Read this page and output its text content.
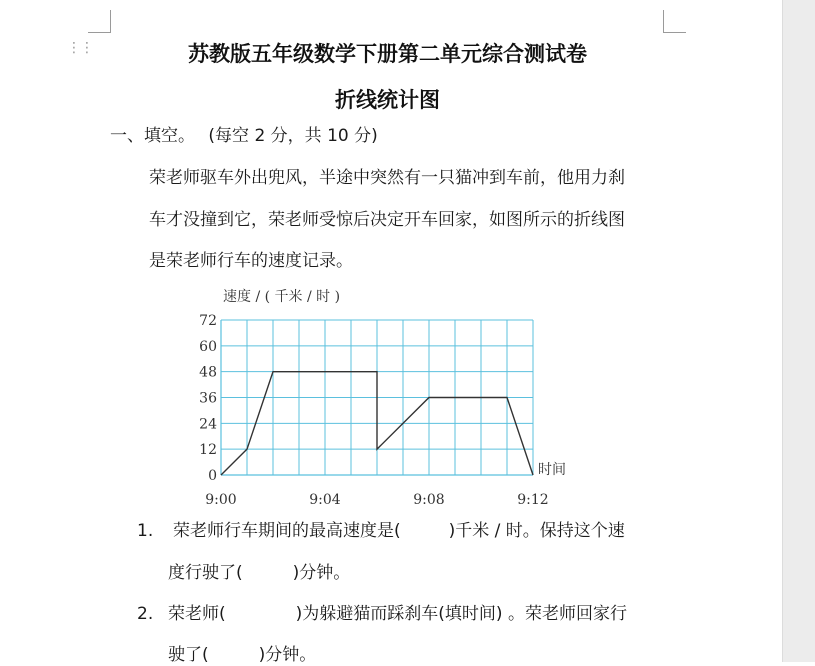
⋮⋮	苏教版五年级数学下册第二单元综合测试卷
折线统计图
一、填空。 (每空 2 分，共 10 分)
荣老师驱车外出兜风，半途中突然有一只猫冲到车前，他用力刹
车才没撞到它，荣老师受惊后决定开车回家，如图所示的折线图
是荣老师行车的速度记录。
0
12
24
36
48
60
72
9:00	9:04	9:08	9:12
速度 / ( 千米 / 时 )
时间
1. 荣老师行车期间的最高速度是(	)千米 / 时。保持这个速
度行驶了(	)分钟。
2. 荣老师(	)为躲避猫而踩刹车(填时间) 。荣老师回家行
驶了(	)分钟。
